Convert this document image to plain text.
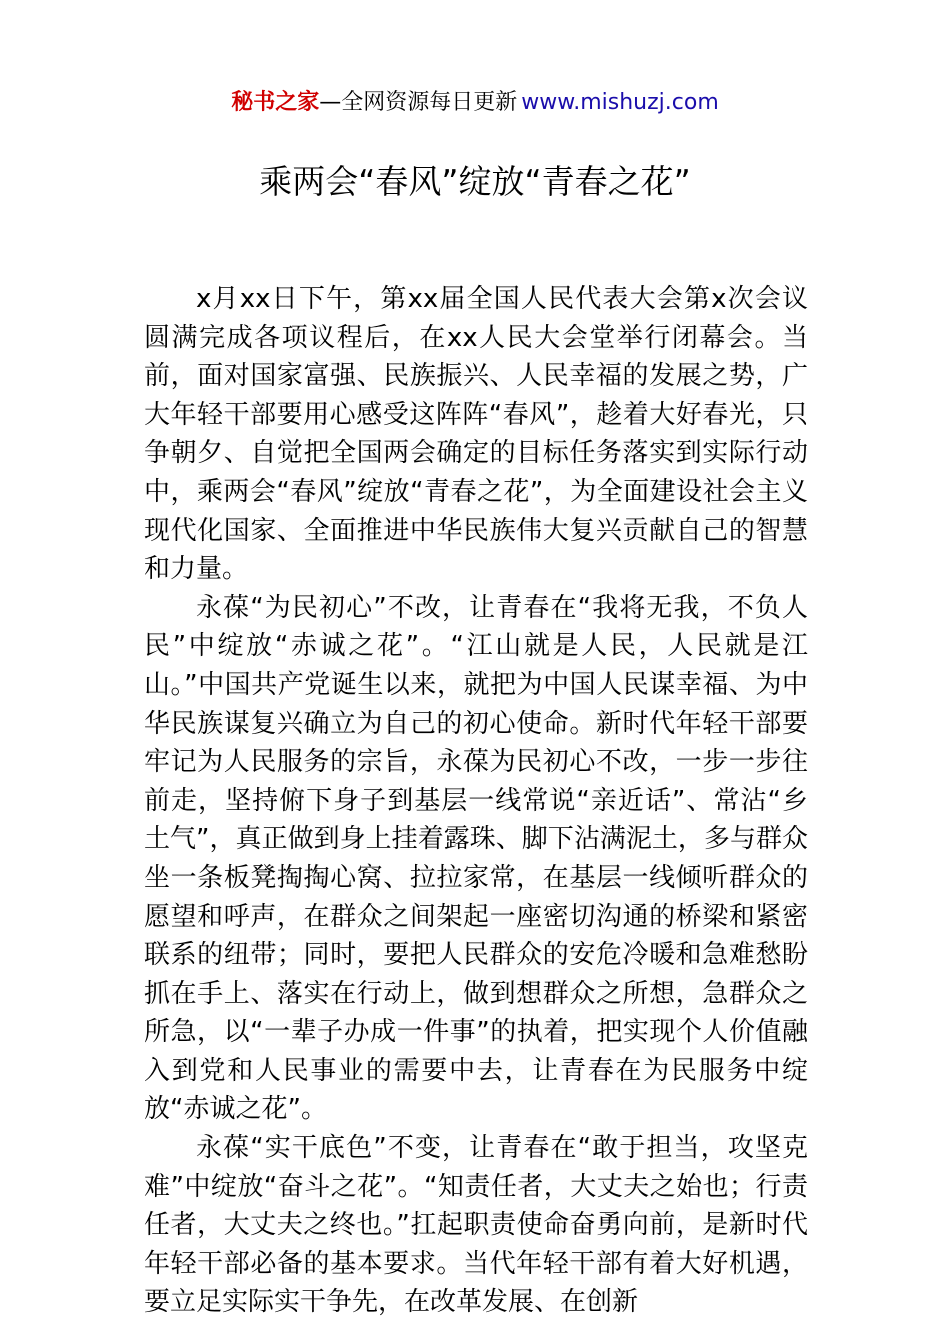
秘书之家—全网资源每日更新 www.mishuzj.com
乘两会“春风”绽放“青春之花”

x月xx日下午，第xx届全国人民代表大会第x次会议圆满完成各项议程后，在xx人民大会堂举行闭幕会。当前，面对国家富强、民族振兴、人民幸福的发展之势，广大年轻干部要用心感受这阵阵“春风”，趁着大好春光，只争朝夕、自觉把全国两会确定的目标任务落实到实际行动中，乘两会“春风”绽放“青春之花”，为全面建设社会主义现代化国家、全面推进中华民族伟大复兴贡献自己的智慧和力量。

永葆“为民初心”不改，让青春在“我将无我，不负人民”中绽放“赤诚之花”。“江山就是人民，人民就是江山。”中国共产党诞生以来，就把为中国人民谋幸福、为中华民族谋复兴确立为自己的初心使命。新时代年轻干部要牢记为人民服务的宗旨，永葆为民初心不改，一步一步往前走，坚持俯下身子到基层一线常说“亲近话”、常沾“乡土气”，真正做到身上挂着露珠、脚下沾满泥土，多与群众坐一条板凳掏掏心窝、拉拉家常，在基层一线倾听群众的愿望和呼声，在群众之间架起一座密切沟通的桥梁和紧密联系的纽带；同时，要把人民群众的安危冷暖和急难愁盼抓在手上、落实在行动上，做到想群众之所想，急群众之所急，以“一辈子办成一件事”的执着，把实现个人价值融入到党和人民事业的需要中去，让青春在为民服务中绽放“赤诚之花”。

永葆“实干底色”不变，让青春在“敢于担当，攻坚克难”中绽放“奋斗之花”。“知责任者，大丈夫之始也；行责任者，大丈夫之终也。”扛起职责使命奋勇向前，是新时代年轻干部必备的基本要求。当代年轻干部有着大好机遇，要立足实际实干争先，在改革发展、在创新
